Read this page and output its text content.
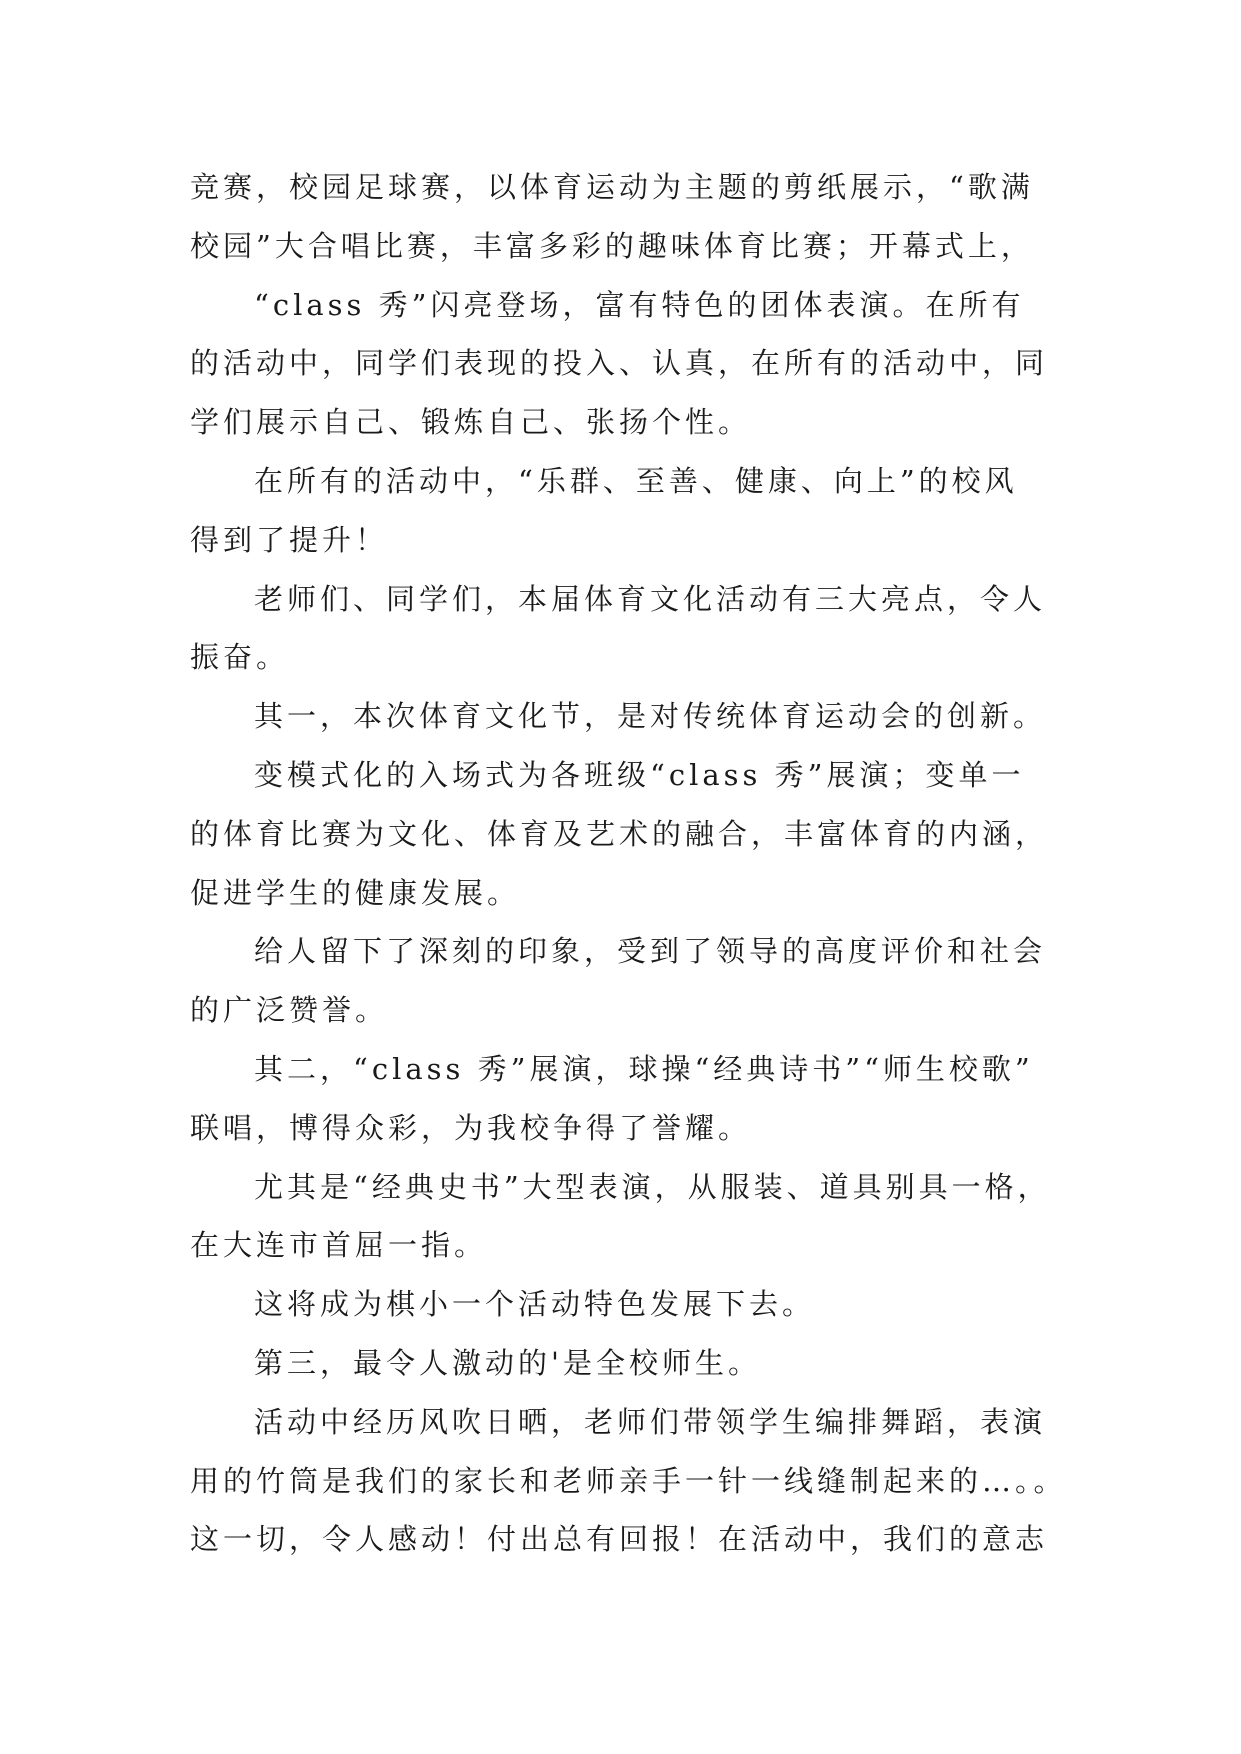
竞赛，校园足球赛，以体育运动为主题的剪纸展示，“歌满
校园”大合唱比赛，丰富多彩的趣味体育比赛；开幕式上，
“class 秀”闪亮登场，富有特色的团体表演。在所有
的活动中，同学们表现的投入、认真，在所有的活动中，同
学们展示自己、锻炼自己、张扬个性。
在所有的活动中，“乐群、至善、健康、向上”的校风
得到了提升！
老师们、同学们，本届体育文化活动有三大亮点，令人
振奋。
其一，本次体育文化节，是对传统体育运动会的创新。
变模式化的入场式为各班级“class 秀”展演；变单一
的体育比赛为文化、体育及艺术的融合，丰富体育的内涵，
促进学生的健康发展。
给人留下了深刻的印象，受到了领导的高度评价和社会
的广泛赞誉。
其二，“class 秀”展演，球操“经典诗书”“师生校歌”
联唱，博得众彩，为我校争得了誉耀。
尤其是“经典史书”大型表演，从服装、道具别具一格，
在大连市首屈一指。
这将成为棋小一个活动特色发展下去。
第三，最令人激动的'是全校师生。
活动中经历风吹日晒，老师们带领学生编排舞蹈，表演
用的竹筒是我们的家长和老师亲手一针一线缝制起来的…。。
这一切，令人感动！付出总有回报！在活动中，我们的意志
